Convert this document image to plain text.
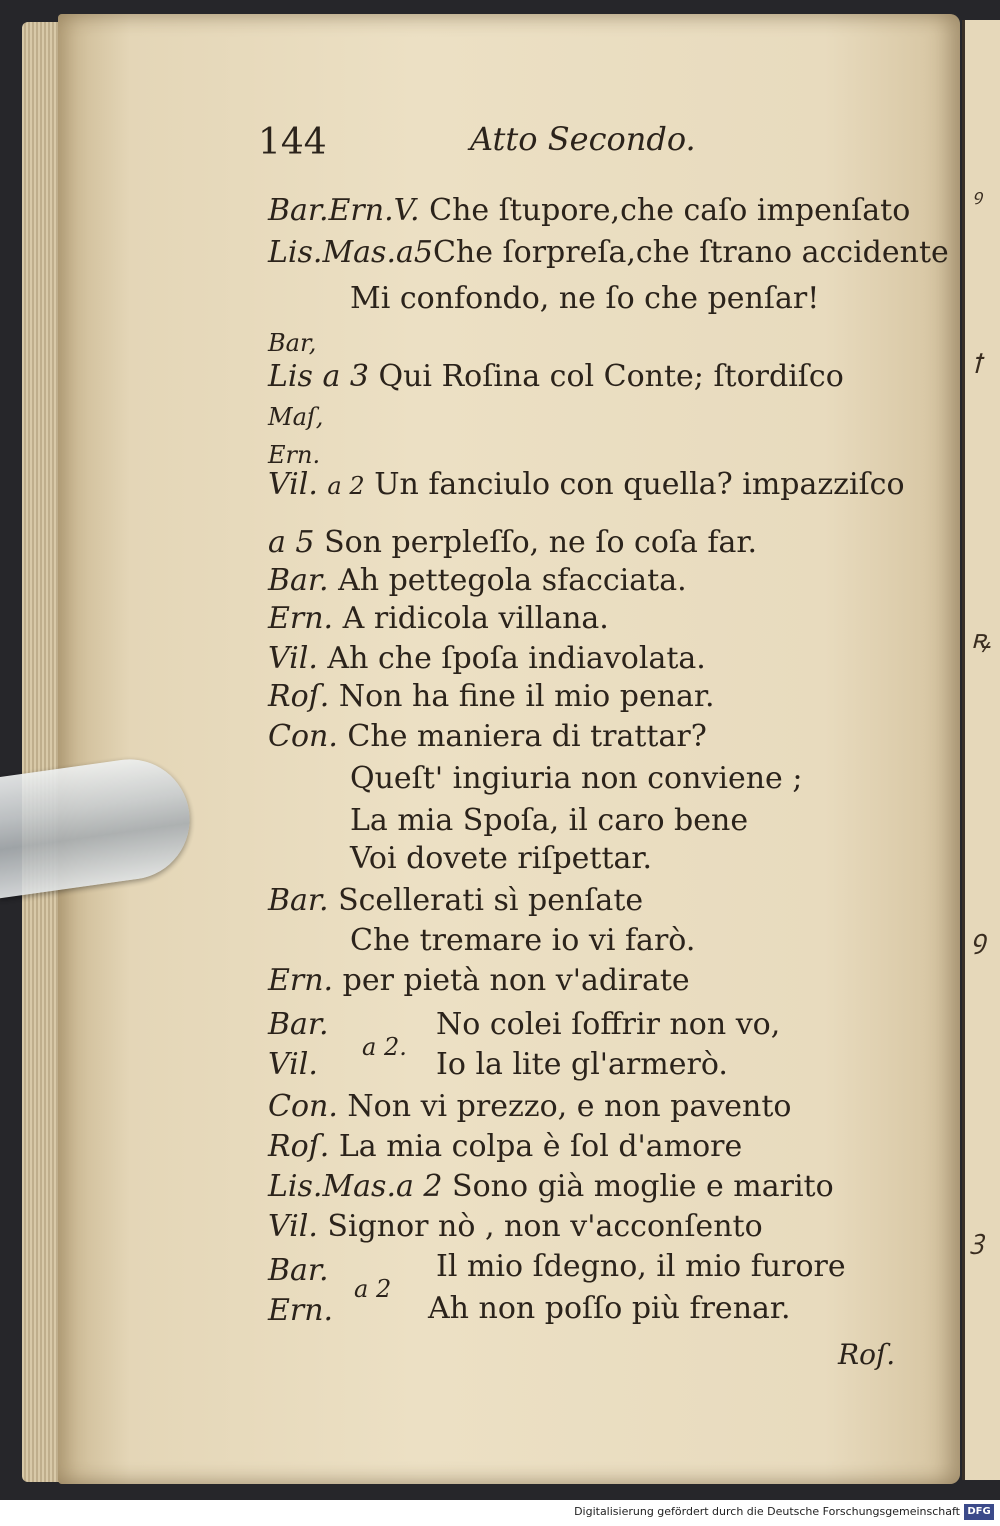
ꝰ
ꝉ
ꝶ
ꝯ
ꝫ
144	Atto Secondo.
Bar.Ern.V. Che ſtupore,che caſo impenſato
Lis.Mas.a5Che ſorpreſa,che ſtrano accidente
Mi confondo, ne ſo che penſar!
Bar,
Lis a 3 Qui Roſina col Conte; ſtordiſco
Maſ,
Ern.
Vil. a 2 Un fanciulo con quella? impazziſco
a 5 Son perpleſſo, ne ſo coſa far.
Bar. Ah pettegola sfacciata.
Ern. A ridicola villana.
Vil. Ah che ſpoſa indiavolata.
Roſ. Non ha fine il mio penar.
Con. Che maniera di trattar?
Queſt' ingiuria non conviene ;
La mia Spoſa, il caro bene
Voi dovete riſpettar.
Bar. Scellerati sì penſate
Che tremare io vi farò.
Ern. per pietà non v'adirate
Bar.	No colei ſoffrir non vo,
a 2.
Vil.	Io la lite gl'armerò.
Con. Non vi prezzo, e non pavento
Roſ. La mia colpa è ſol d'amore
Lis.Mas.a 2 Sono già moglie e marito
Vil. Signor nò , non v'acconſento
Bar.	Il mio ſdegno, il mio furore
a 2
Ern.	Ah non poſſo più frenar.
Roſ.
Digitalisierung gefördert durch die Deutsche Forschungsgemeinschaft DFG
